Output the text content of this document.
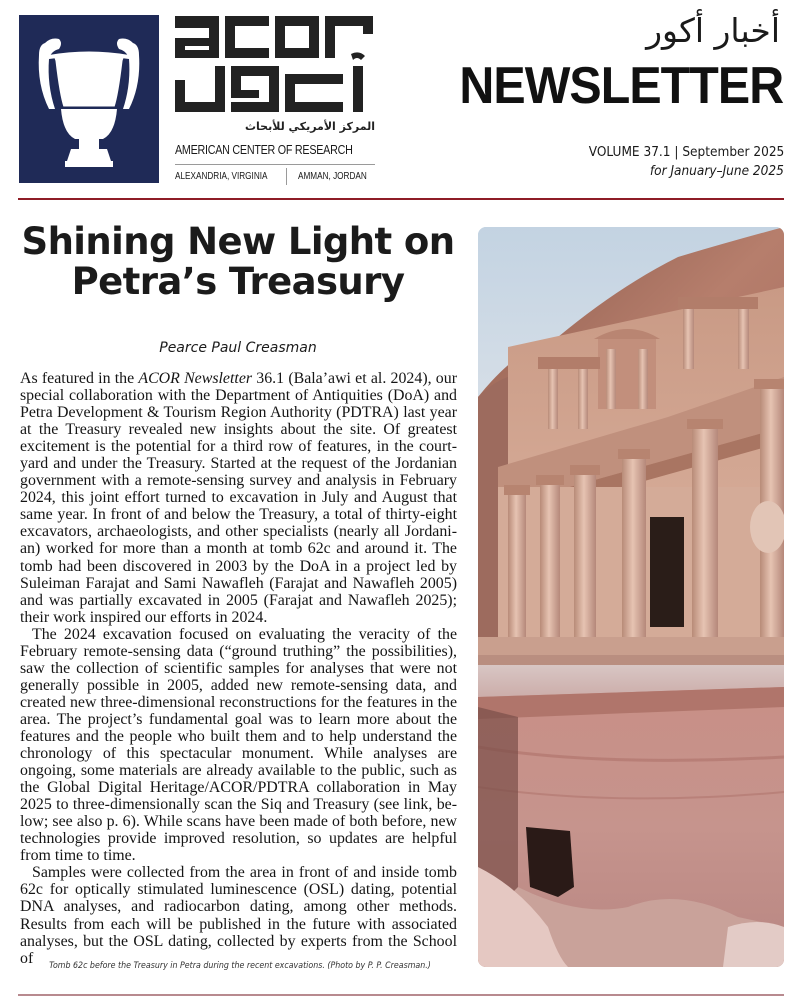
المركز الأمريكي للأبحاث
AMERICAN CENTER OF RESEARCH
ALEXANDRIA, VIRGINIA	AMMAN, JORDAN
أخبار أكور
NEWSLETTER
VOLUME 37.1 | September 2025
for January–June 2025
Shining New Light on
Petra’s Treasury
Pearce Paul Creasman

As featured in the ACOR Newsletter 36.1 (Bala’awi et al. 2024), our special collaboration with the Department of Antiquities (DoA) and Petra Development & Tourism Region Authority (PDTRA) last year at the Treasury revealed new insights about the site. Of greatest excitement is the potential for a third row of features, in the courtyard and under the Treasury. Started at the request of the Jordanian government with a remote-sensing survey and analysis in February 2024, this joint effort turned to excavation in July and August that same year. In front of and below the Treasury, a total of thirty-eight excavators, archaeologists, and other specialists (nearly all Jordanian) worked for more than a month at tomb 62c and around it. The tomb had been discovered in 2003 by the DoA in a project led by Suleiman Farajat and Sami Nawafleh (Farajat and Nawafleh 2005) and was partially excavated in 2005 (Farajat and Nawafleh 2025); their work inspired our efforts in 2024.

The 2024 excavation focused on evaluating the veracity of the February remote-sensing data (“ground truthing” the possibilities), saw the collection of scientific samples for analyses that were not generally possible in 2005, added new remote-sensing data, and created new three-dimensional reconstructions for the features in the area. The project’s fundamental goal was to learn more about the features and the people who built them and to help understand the chronology of this spectacular monument. While analyses are ongoing, some materials are already available to the public, such as the Global Digital Heritage/ACOR/PDTRA collaboration in May 2025 to three-dimensionally scan the Siq and Treasury (see link, below; see also p. 6). While scans have been made of both before, new technologies provide improved resolution, so updates are helpful from time to time.

Samples were collected from the area in front of and inside tomb 62c for optically stimulated luminescence (OSL) dating, potential DNA analyses, and radiocarbon dating, among other methods. Results from each will be published in the future with associated analyses, but the OSL dating, collected by experts from the School of	Tomb 62c before the Treasury in Petra during the recent excavations. (Photo by P. P. Creasman.)
